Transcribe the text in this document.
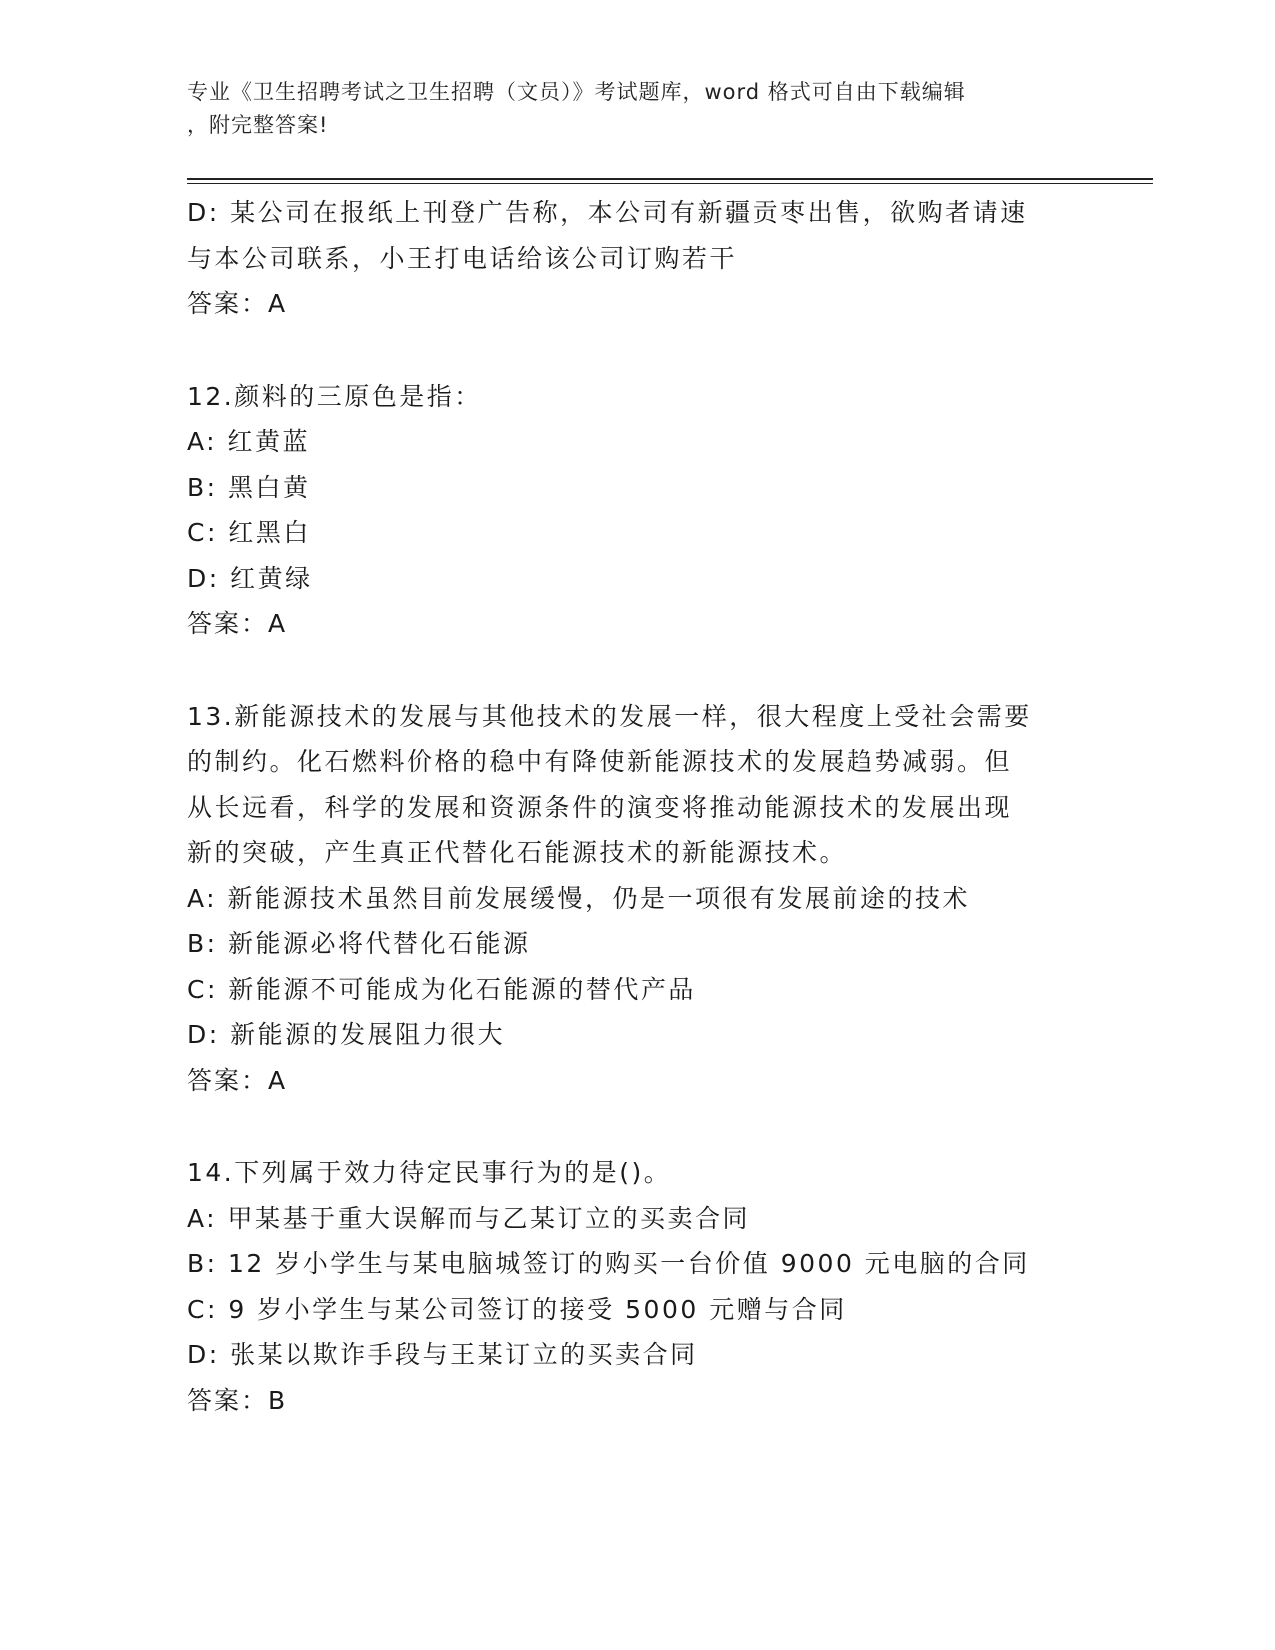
专业《卫生招聘考试之卫生招聘（文员）》考试题库，word 格式可自由下载编辑
，附完整答案!
D: 某公司在报纸上刊登广告称，本公司有新疆贡枣出售，欲购者请速
与本公司联系，小王打电话给该公司订购若干
答案：A
12.颜料的三原色是指：
A: 红黄蓝
B: 黑白黄
C: 红黑白
D: 红黄绿
答案：A
13.新能源技术的发展与其他技术的发展一样，很大程度上受社会需要
的制约。化石燃料价格的稳中有降使新能源技术的发展趋势减弱。但
从长远看，科学的发展和资源条件的演变将推动能源技术的发展出现
新的突破，产生真正代替化石能源技术的新能源技术。
A: 新能源技术虽然目前发展缓慢，仍是一项很有发展前途的技术
B: 新能源必将代替化石能源
C: 新能源不可能成为化石能源的替代产品
D: 新能源的发展阻力很大
答案：A
14.下列属于效力待定民事行为的是()。
A: 甲某基于重大误解而与乙某订立的买卖合同
B: 12 岁小学生与某电脑城签订的购买一台价值 9000 元电脑的合同
C: 9 岁小学生与某公司签订的接受 5000 元赠与合同
D: 张某以欺诈手段与王某订立的买卖合同
答案：B
